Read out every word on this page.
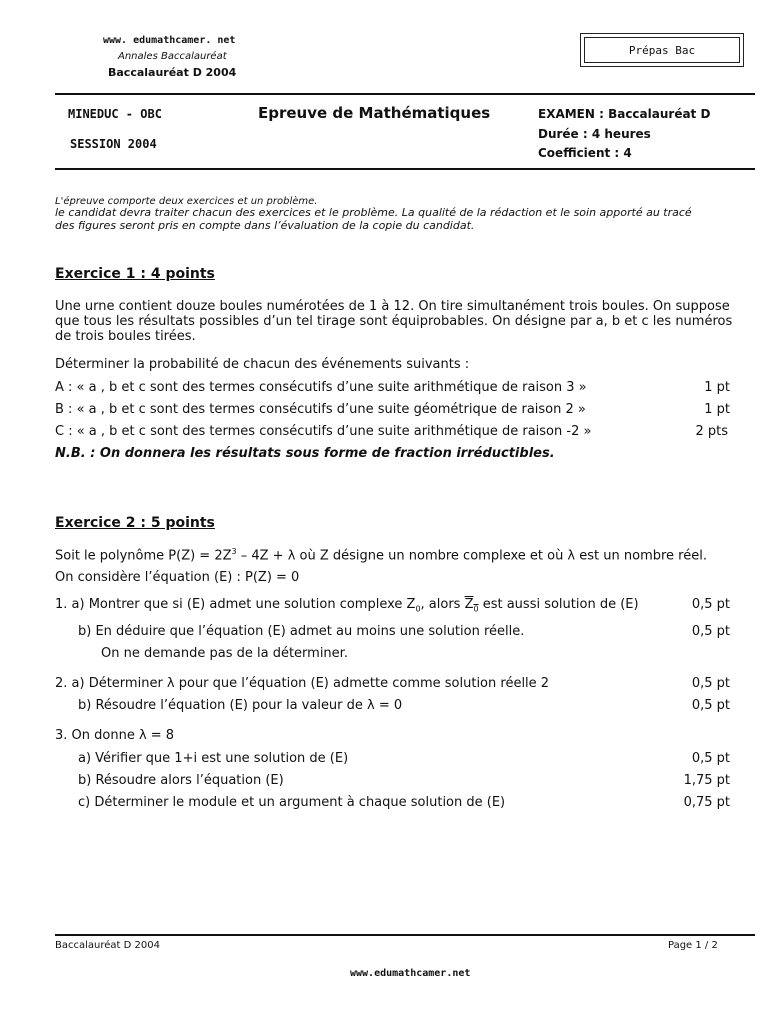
www. edumathcamer. net
Annales Baccalauréat
Baccalauréat D 2004
Prépas Bac
MINEDUC - OBC
SESSION 2004
Epreuve de Mathématiques	EXAMEN : Baccalauréat D
Durée : 4 heures
Coefficient : 4
L'épreuve comporte deux exercices et un problème.
le candidat devra traiter chacun des exercices et le problème. La qualité de la rédaction et le soin apporté au tracé
des figures seront pris en compte dans l’évaluation de la copie du candidat.
Exercice 1 : 4 points
Une urne contient douze boules numérotées de 1 à 12. On tire simultanément trois boules. On suppose
que tous les résultats possibles d’un tel tirage sont équiprobables. On désigne par a, b et c les numéros
de trois boules tirées.
Déterminer la probabilité de chacun des événements suivants :
A : « a , b et c sont des termes consécutifs d’une suite arithmétique de raison 3 »	1 pt
B : « a , b et c sont des termes consécutifs d’une suite géométrique de raison 2 »	1 pt
C : « a , b et c sont des termes consécutifs d’une suite arithmétique de raison -2 »	2 pts
N.B. : On donnera les résultats sous forme de fraction irréductibles.
Exercice 2 : 5 points
Soit le polynôme $P(Z) = 2Z^3 - 4Z + \lambda$ où Z désigne un nombre complexe et où λ est un nombre réel.
On considère l’équation (E) : P(Z) = 0
1. a) Montrer que si (E) admet une solution complexe $Z_0$, alors $Z_0$ est aussi solution de (E)	0,5 pt
b) En déduire que l’équation (E) admet au moins une solution réelle.	0,5 pt
On ne demande pas de la déterminer.
2. a) Déterminer λ pour que l’équation (E) admette comme solution réelle 2	0,5 pt
b) Résoudre l’équation (E) pour la valeur de λ = 0	0,5 pt
3. On donne λ = 8
a) Vérifier que 1+i est une solution de (E)	0,5 pt
b) Résoudre alors l’équation (E)	1,75 pt
c) Déterminer le module et un argument à chaque solution de (E)	0,75 pt
Baccalauréat D 2004	Page 1 / 2
www.edumathcamer.net
